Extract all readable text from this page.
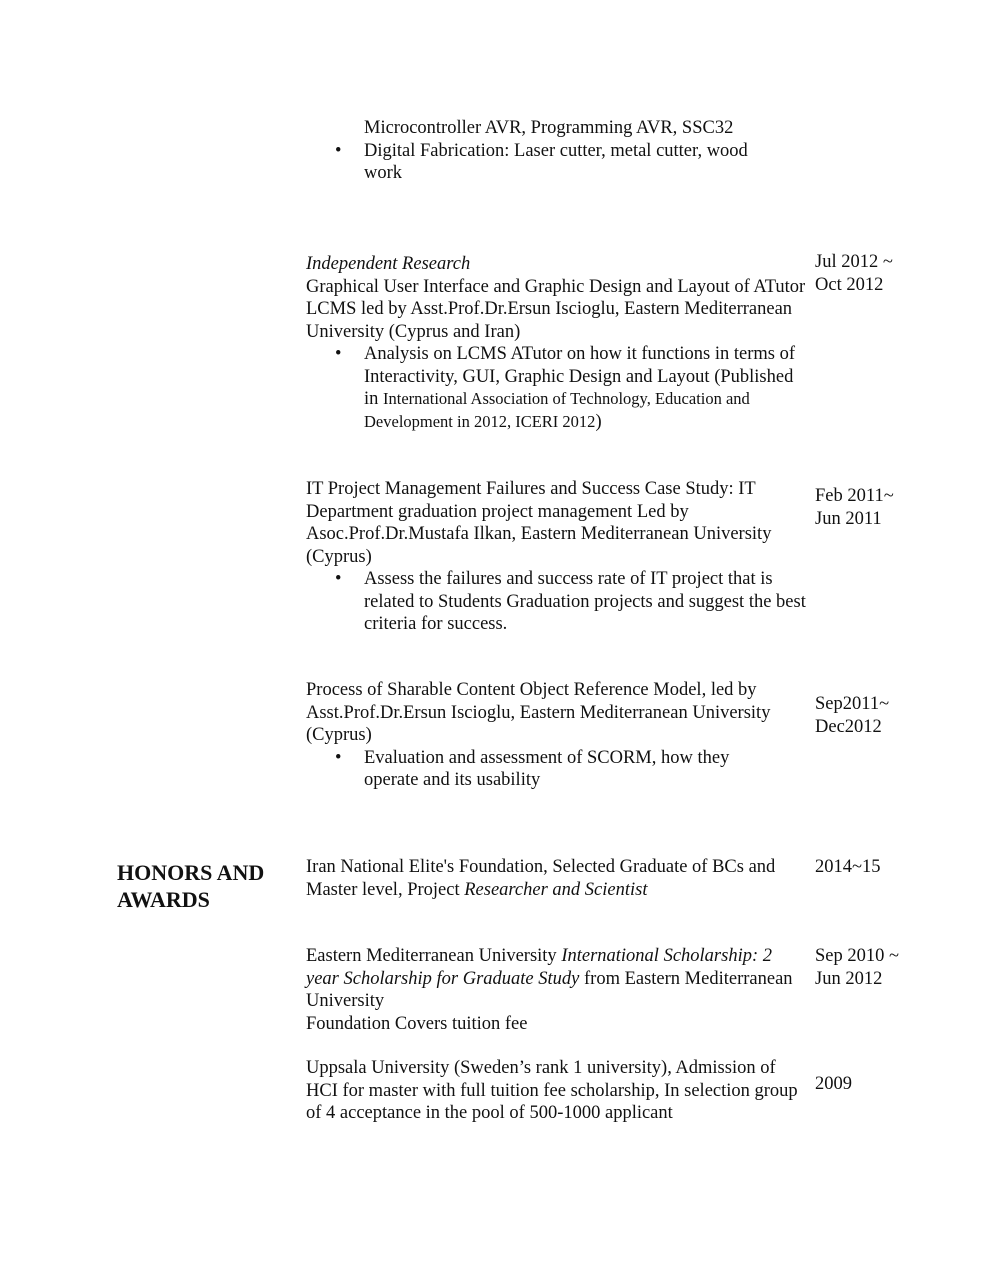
Microcontroller AVR, Programming AVR, SSC32
• Digital Fabrication: Laser cutter, metal cutter, wood work
Independent Research
Graphical User Interface and Graphic Design and Layout of ATutor LCMS led by Asst.Prof.Dr.Ersun Iscioglu, Eastern Mediterranean University (Cyprus and Iran)
• Analysis on LCMS ATutor on how it functions in terms of Interactivity, GUI, Graphic Design and Layout (Published in International Association of Technology, Education and Development in 2012, ICERI 2012)
Jul 2012 ~
Oct 2012
IT Project Management Failures and Success Case Study: IT Department graduation project management Led by Asoc.Prof.Dr.Mustafa Ilkan, Eastern Mediterranean University (Cyprus)
• Assess the failures and success rate of IT project that is related to Students Graduation projects and suggest the best criteria for success.
Feb 2011~
Jun 2011
Process of Sharable Content Object Reference Model, led by Asst.Prof.Dr.Ersun Iscioglu, Eastern Mediterranean University (Cyprus)
• Evaluation and assessment of SCORM, how they operate and its usability
Sep2011~
Dec2012
HONORS AND AWARDS
Iran National Elite's Foundation, Selected Graduate of BCs and Master level, Project Researcher and Scientist
2014~15
Eastern Mediterranean University International Scholarship: 2 year Scholarship for Graduate Study from Eastern Mediterranean University
Foundation Covers tuition fee
Sep 2010 ~
Jun 2012
Uppsala University (Sweden’s rank 1 university), Admission of HCI for master with full tuition fee scholarship, In selection group of 4 acceptance in the pool of 500-1000 applicant
2009
